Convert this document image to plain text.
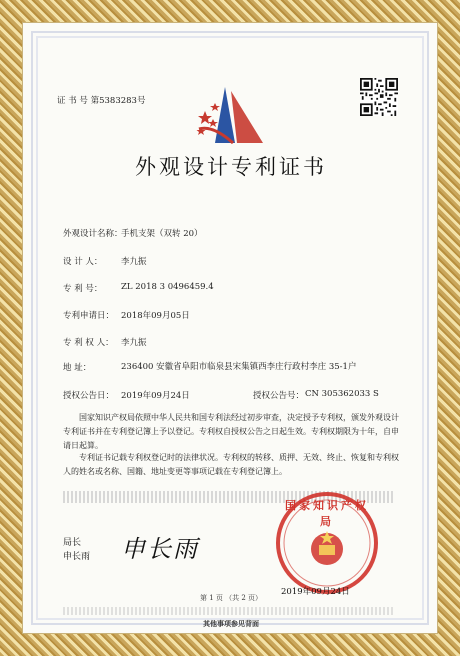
证 书 号 第5383283号
外观设计专利证书
外观设计名称：
手机支架（双转 20）
设 计 人： 李九振
专 利 号： ZL 2018 3 0496459.4
专利申请日： 2018年09月05日
专 利 权 人： 李九振
地 址：	236400 安徽省阜阳市临泉县宋集镇西李庄行政村李庄 35-1户
授权公告日： 2019年09月24日	授权公告号： CN 305362033 S
国家知识产权局依照中华人民共和国专利法经过初步审查，决定授予专利权，颁发外观设计专利证书并在专利登记簿上予以登记。专利权自授权公告之日起生效。专利权期限为十年，自申请日起算。
专利证书记载专利权登记时的法律状况。专利权的转移、质押、无效、终止、恢复和专利权人的姓名或名称、国籍、地址变更等事项记载在专利登记簿上。
局长
申长雨 申长雨
国家知识产权局
2019年09月24日
第 1 页 （共 2 页）
其他事项参见背面
